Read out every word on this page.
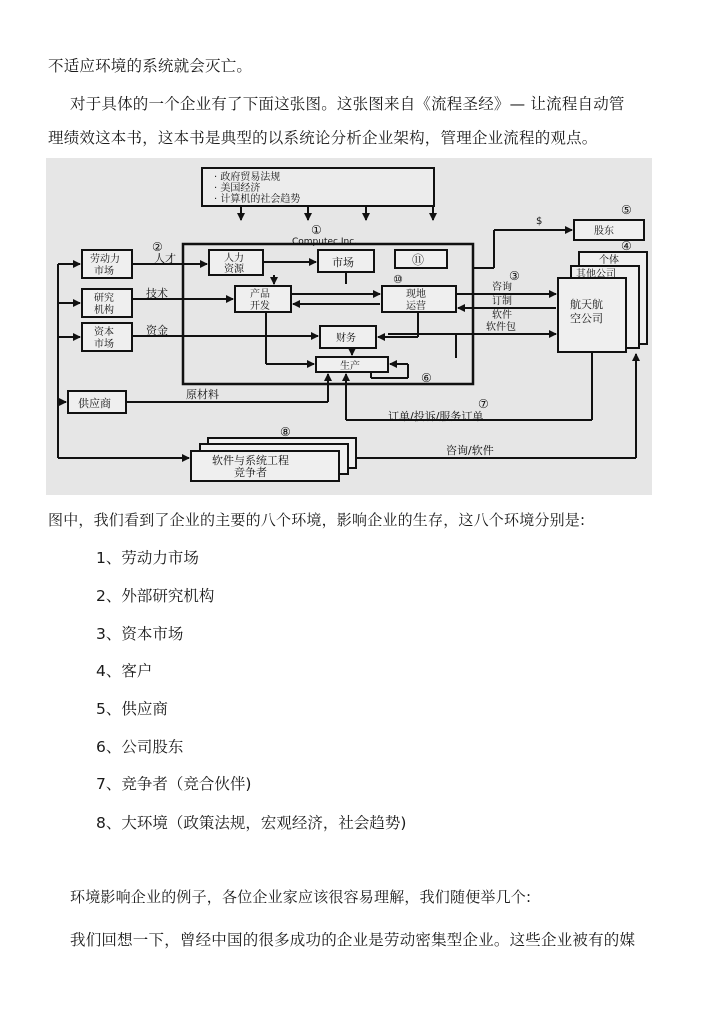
不适应环境的系统就会灭亡。
对于具体的一个企业有了下面这张图。这张图来自《流程圣经》— 让流程自动管
理绩效这本书，这本书是典型的以系统论分析企业架构，管理企业流程的观点。
· 政府贸易法规
· 美国经济
· 计算机的社会趋势
①
Computec,Inc.
②
人才
技术
资金
原材料
劳动力
市场
研究
机构
资本
市场
供应商
人力
资源
市场	⑪
⑩
产品
开发
现地
运营
财务
生产
⑥
$
⑤
股东
④
个体
其他公司
航天航
空公司
③
咨询
订制
软件
软件包
⑦
订单/投诉/服务订单
⑧
咨询/软件
软件与系统工程
竞争者
图中，我们看到了企业的主要的八个环境，影响企业的生存，这八个环境分别是:
1、劳动力市场
2、外部研究机构
3、资本市场
4、客户
5、供应商
6、公司股东
7、竞争者（竞合伙伴)
8、大环境（政策法规，宏观经济，社会趋势)
环境影响企业的例子，各位企业家应该很容易理解，我们随便举几个:
我们回想一下，曾经中国的很多成功的企业是劳动密集型企业。这些企业被有的媒
